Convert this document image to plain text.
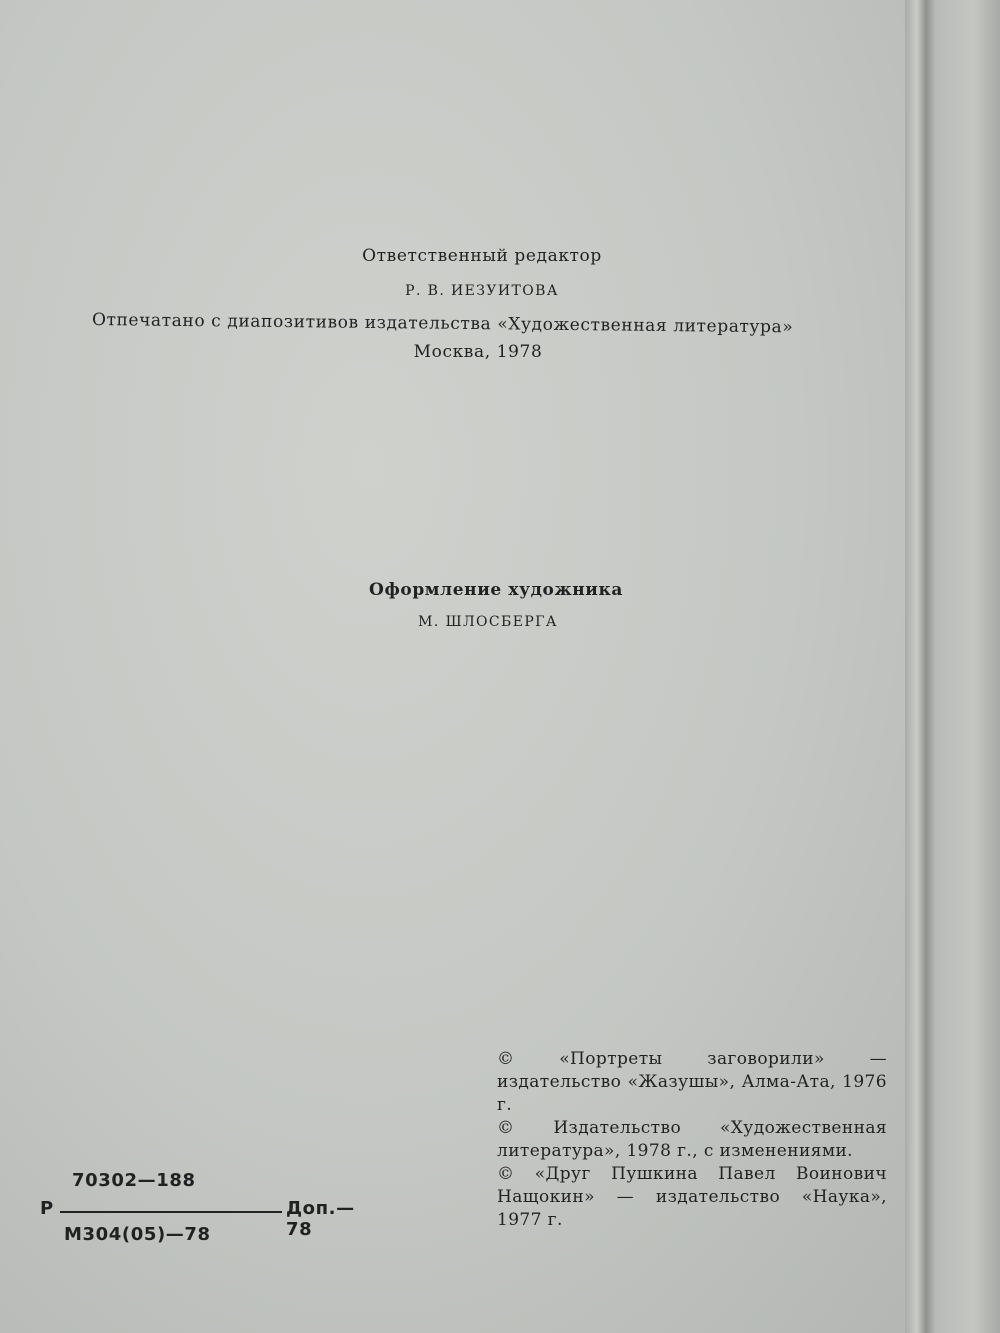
Ответственный редактор

Р. В. ИЕЗУИТОВА

Отпечатано с диапозитивов издательства «Художественная литература»

Москва, 1978

Оформление художника

М. ШЛОСБЕРГА

© «Портреты заговорили» — издательство «Жазушы», Алма-Ата, 1976 г.

© Издательство «Художественная литература», 1978 г., с изменениями.

© «Друг Пушкина Павел Воинович Нащокин» — издательство «Наука», 1977 г.

70302—188
Р	Доп.—78
М304(05)—78
